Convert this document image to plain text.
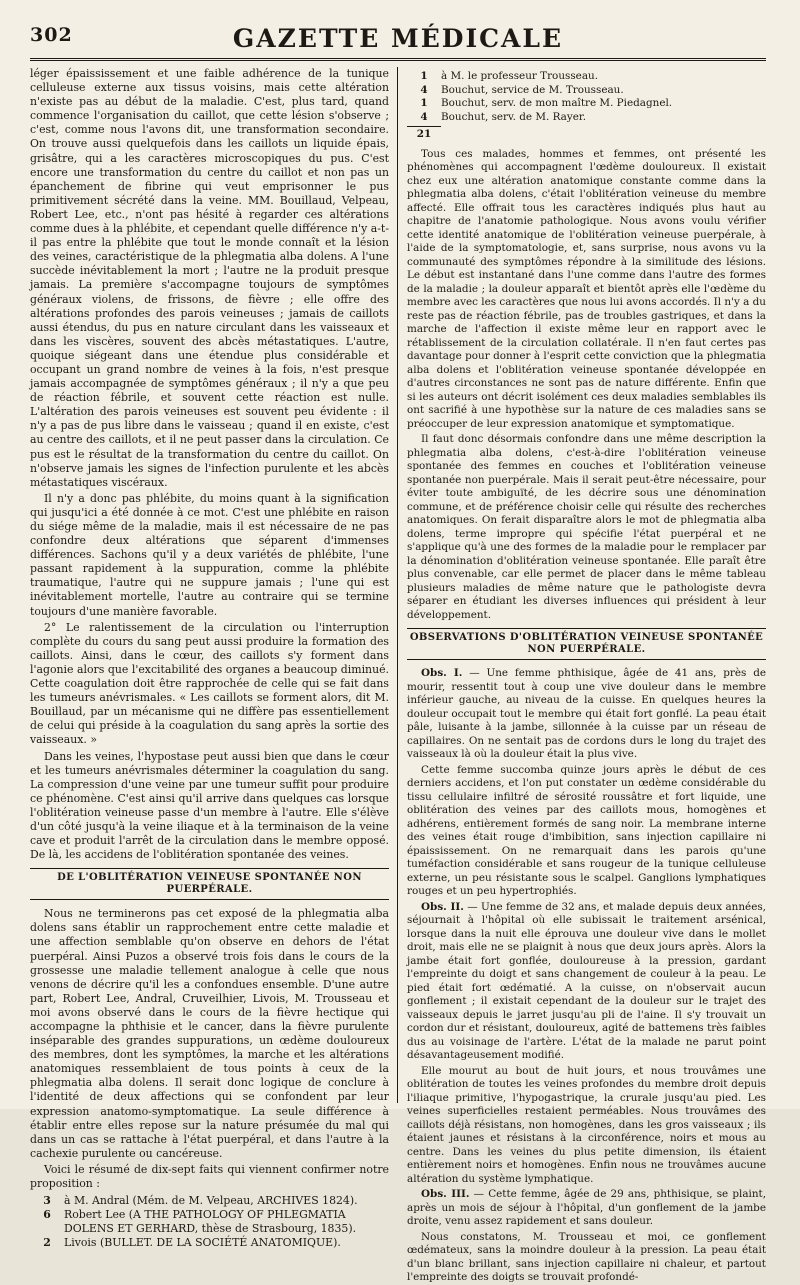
302	GAZETTE MÉDICALE

léger épaississement et une faible adhérence de la tunique celluleuse externe aux tissus voisins, mais cette altération n'existe pas au début de la maladie. C'est, plus tard, quand commence l'organisation du caillot, que cette lésion s'observe ; c'est, comme nous l'avons dit, une transformation secondaire. On trouve aussi quelquefois dans les caillots un liquide épais, grisâtre, qui a les caractères microscopiques du pus. C'est encore une transformation du centre du caillot et non pas un épanchement de fibrine qui veut emprisonner le pus primitivement sécrété dans la veine. MM. Bouillaud, Velpeau, Robert Lee, etc., n'ont pas hésité à regarder ces altérations comme dues à la phlébite, et cependant quelle différence n'y a-t-il pas entre la phlébite que tout le monde connaît et la lésion des veines, caractéristique de la phlegmatia alba dolens. A l'une succède inévitablement la mort ; l'autre ne la produit presque jamais. La première s'accompagne toujours de symptômes généraux violens, de frissons, de fièvre ; elle offre des altérations profondes des parois veineuses ; jamais de caillots aussi étendus, du pus en nature circulant dans les vaisseaux et dans les viscères, souvent des abcès métastatiques. L'autre, quoique siégeant dans une étendue plus considérable et occupant un grand nombre de veines à la fois, n'est presque jamais accompagnée de symptômes généraux ; il n'y a que peu de réaction fébrile, et souvent cette réaction est nulle. L'altération des parois veineuses est souvent peu évidente : il n'y a pas de pus libre dans le vaisseau ; quand il en existe, c'est au centre des caillots, et il ne peut passer dans la circulation. Ce pus est le résultat de la transformation du centre du caillot. On n'observe jamais les signes de l'infection purulente et les abcès métastatiques viscéraux.

Il n'y a donc pas phlébite, du moins quant à la signification qui jusqu'ici a été donnée à ce mot. C'est une phlébite en raison du siége même de la maladie, mais il est nécessaire de ne pas confondre deux altérations que séparent d'immenses différences. Sachons qu'il y a deux variétés de phlébite, l'une passant rapidement à la suppuration, comme la phlébite traumatique, l'autre qui ne suppure jamais ; l'une qui est inévitablement mortelle, l'autre au contraire qui se termine toujours d'une manière favorable.

2° Le ralentissement de la circulation ou l'interruption complète du cours du sang peut aussi produire la formation des caillots. Ainsi, dans le cœur, des caillots s'y forment dans l'agonie alors que l'excitabilité des organes a beaucoup diminué. Cette coagulation doit être rapprochée de celle qui se fait dans les tumeurs anévrismales. « Les caillots se forment alors, dit M. Bouillaud, par un mécanisme qui ne diffère pas essentiellement de celui qui préside à la coagulation du sang après la sortie des vaisseaux. »

Dans les veines, l'hypostase peut aussi bien que dans le cœur et les tumeurs anévrismales déterminer la coagulation du sang. La compression d'une veine par une tumeur suffit pour produire ce phénomène. C'est ainsi qu'il arrive dans quelques cas lorsque l'oblitération veineuse passe d'un membre à l'autre. Elle s'élève d'un côté jusqu'à la veine iliaque et à la terminaison de la veine cave et produit l'arrêt de la circulation dans le membre opposé. De là, les accidens de l'oblitération spontanée des veines.

DE L'OBLITÉRATION VEINEUSE SPONTANÉE NON PUERPÉRALE.

Nous ne terminerons pas cet exposé de la phlegmatia alba dolens sans établir un rapprochement entre cette maladie et une affection semblable qu'on observe en dehors de l'état puerpéral. Ainsi Puzos a observé trois fois dans le cours de la grossesse une maladie tellement analogue à celle que nous venons de décrire qu'il les a confondues ensemble. D'une autre part, Robert Lee, Andral, Cruveilhier, Livois, M. Trousseau et moi avons observé dans le cours de la fièvre hectique qui accompagne la phthisie et le cancer, dans la fièvre purulente inséparable des grandes suppurations, un œdème douloureux des membres, dont les symptômes, la marche et les altérations anatomiques ressemblaient de tous points à ceux de la phlegmatia alba dolens. Il serait donc logique de conclure à l'identité de deux affections qui se confondent par leur expression anatomo-symptomatique. La seule différence à établir entre elles repose sur la nature présumée du mal qui dans un cas se rattache à l'état puerpéral, et dans l'autre à la cachexie purulente ou cancéreuse.

Voici le résumé de dix-sept faits qui viennent confirmer notre proposition :

3	à M. Andral (Mém. de M. Velpeau, ARCHIVES 1824).
6	Robert Lee (A THE PATHOLOGY OF PHLEGMATIA DOLENS ET GERHARD, thèse de Strasbourg, 1835).
2	Livois (BULLET. DE LA SOCIÉTÉ ANATOMIQUE).
1	à M. le professeur Trousseau.
4	Bouchut, service de M. Trousseau.
1	Bouchut, serv. de mon maître M. Piedagnel.
4	Bouchut, serv. de M. Rayer.
21

Tous ces malades, hommes et femmes, ont présenté les phénomènes qui accompagnent l'œdème douloureux. Il existait chez eux une altération anatomique constante comme dans la phlegmatia alba dolens, c'était l'oblitération veineuse du membre affecté. Elle offrait tous les caractères indiqués plus haut au chapitre de l'anatomie pathologique. Nous avons voulu vérifier cette identité anatomique de l'oblitération veineuse puerpérale, à l'aide de la symptomatologie, et, sans surprise, nous avons vu la communauté des symptômes répondre à la similitude des lésions. Le début est instantané dans l'une comme dans l'autre des formes de la maladie ; la douleur apparaît et bientôt après elle l'œdème du membre avec les caractères que nous lui avons accordés. Il n'y a du reste pas de réaction fébrile, pas de troubles gastriques, et dans la marche de l'affection il existe même leur en rapport avec le rétablissement de la circulation collatérale. Il n'en faut certes pas davantage pour donner à l'esprit cette conviction que la phlegmatia alba dolens et l'oblitération veineuse spontanée développée en d'autres circonstances ne sont pas de nature différente. Enfin que si les auteurs ont décrit isolément ces deux maladies semblables ils ont sacrifié à une hypothèse sur la nature de ces maladies sans se préoccuper de leur expression anatomique et symptomatique.

Il faut donc désormais confondre dans une même description la phlegmatia alba dolens, c'est-à-dire l'oblitération veineuse spontanée des femmes en couches et l'oblitération veineuse spontanée non puerpérale. Mais il serait peut-être nécessaire, pour éviter toute ambiguïté, de les décrire sous une dénomination commune, et de préférence choisir celle qui résulte des recherches anatomiques. On ferait disparaître alors le mot de phlegmatia alba dolens, terme impropre qui spécifie l'état puerpéral et ne s'applique qu'à une des formes de la maladie pour le remplacer par la dénomination d'oblitération veineuse spontanée. Elle paraît être plus convenable, car elle permet de placer dans le même tableau plusieurs maladies de même nature que le pathologiste devra séparer en étudiant les diverses influences qui président à leur développement.

OBSERVATIONS D'OBLITÉRATION VEINEUSE SPONTANÉE NON PUERPÉRALE.

Obs. I. — Une femme phthisique, âgée de 41 ans, près de mourir, ressentit tout à coup une vive douleur dans le membre inférieur gauche, au niveau de la cuisse. En quelques heures la douleur occupait tout le membre qui était fort gonflé. La peau était pâle, luisante à la jambe, sillonnée à la cuisse par un réseau de capillaires. On ne sentait pas de cordons durs le long du trajet des vaisseaux là où la douleur était la plus vive.

Cette femme succomba quinze jours après le début de ces derniers accidens, et l'on put constater un œdème considérable du tissu cellulaire infiltré de sérosité roussâtre et fort liquide, une oblitération des veines par des caillots mous, homogènes et adhérens, entièrement formés de sang noir. La membrane interne des veines était rouge d'imbibition, sans injection capillaire ni épaississement. On ne remarquait dans les parois qu'une tuméfaction considérable et sans rougeur de la tunique celluleuse externe, un peu résistante sous le scalpel. Ganglions lymphatiques rouges et un peu hypertrophiés.

Obs. II. — Une femme de 32 ans, et malade depuis deux années, séjournait à l'hôpital où elle subissait le traitement arsénical, lorsque dans la nuit elle éprouva une douleur vive dans le mollet droit, mais elle ne se plaignit à nous que deux jours après. Alors la jambe était fort gonflée, douloureuse à la pression, gardant l'empreinte du doigt et sans changement de couleur à la peau. Le pied était fort œdématié. A la cuisse, on n'observait aucun gonflement ; il existait cependant de la douleur sur le trajet des vaisseaux depuis le jarret jusqu'au pli de l'aine. Il s'y trouvait un cordon dur et résistant, douloureux, agité de battemens très faibles dus au voisinage de l'artère. L'état de la malade ne parut point désavantageusement modifié.

Elle mourut au bout de huit jours, et nous trouvâmes une oblitération de toutes les veines profondes du membre droit depuis l'iliaque primitive, l'hypogastrique, la crurale jusqu'au pied. Les veines superficielles restaient perméables. Nous trouvâmes des caillots déjà résistans, non homogènes, dans les gros vaisseaux ; ils étaient jaunes et résistans à la circonférence, noirs et mous au centre. Dans les veines du plus petite dimension, ils étaient entièrement noirs et homogènes. Enfin nous ne trouvâmes aucune altération du système lymphatique.

Obs. III. — Cette femme, âgée de 29 ans, phthisique, se plaint, après un mois de séjour à l'hôpital, d'un gonflement de la jambe droite, venu assez rapidement et sans douleur.

Nous constatons, M. Trousseau et moi, ce gonflement œdémateux, sans la moindre douleur à la pression. La peau était d'un blanc brillant, sans injection capillaire ni chaleur, et partout l'empreinte des doigts se trouvait profondé-
